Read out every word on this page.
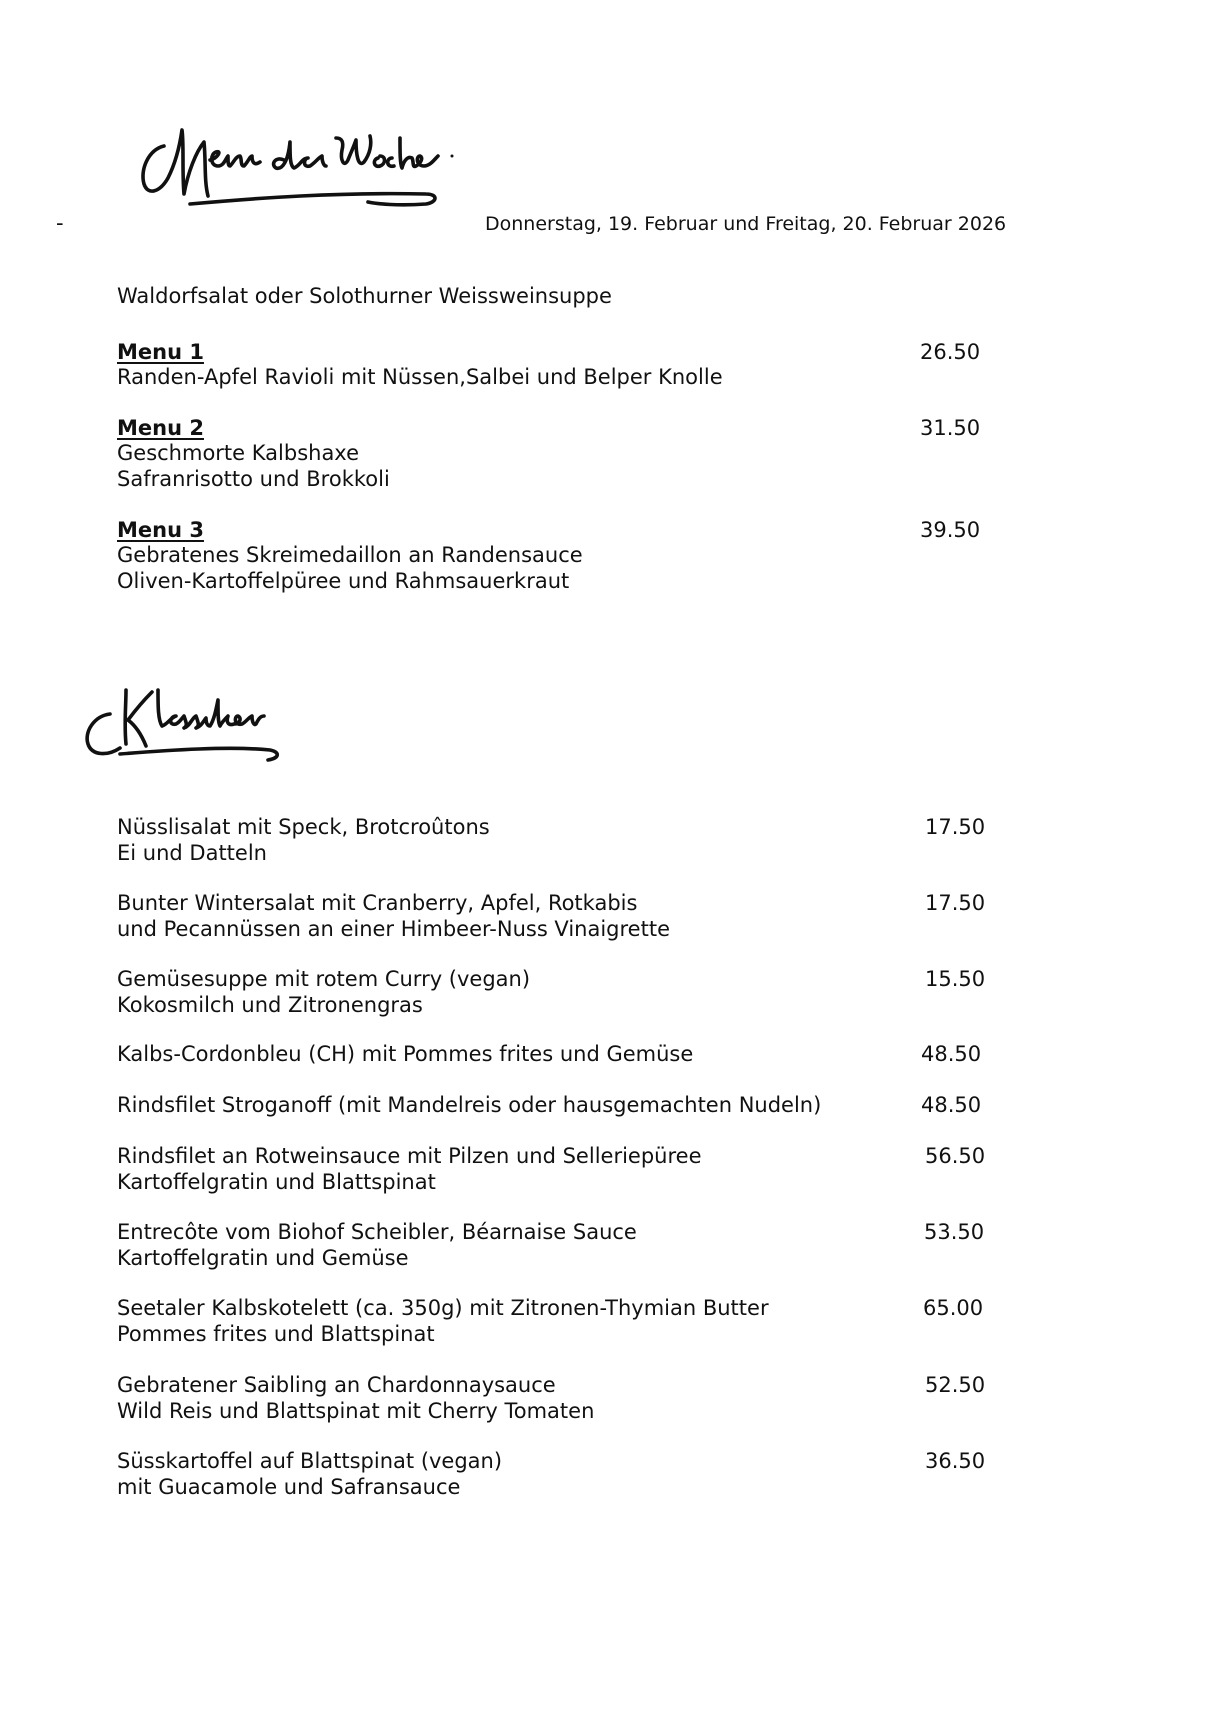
-	Donnerstag, 19. Februar und Freitag, 20. Februar 2026
Waldorfsalat oder Solothurner Weissweinsuppe
Menu 1	26.50
Randen-Apfel Ravioli mit Nüssen,Salbei und Belper Knolle
Menu 2	31.50
Geschmorte Kalbshaxe
Safranrisotto und Brokkoli
Menu 3	39.50
Gebratenes Skreimedaillon an Randensauce
Oliven-Kartoffelpüree und Rahmsauerkraut
Nüsslisalat mit Speck, Brotcroûtons
Ei und Datteln
17.50
Bunter Wintersalat mit Cranberry, Apfel, Rotkabis
und Pecannüssen an einer Himbeer-Nuss Vinaigrette
17.50
Gemüsesuppe mit rotem Curry (vegan)
Kokosmilch und Zitronengras
15.50
Kalbs-Cordonbleu (CH) mit Pommes frites und Gemüse	48.50
Rindsfilet Stroganoff (mit Mandelreis oder hausgemachten Nudeln)	48.50
Rindsfilet an Rotweinsauce mit Pilzen und Selleriepüree
Kartoffelgratin und Blattspinat
56.50
Entrecôte vom Biohof Scheibler, Béarnaise Sauce
Kartoffelgratin und Gemüse
53.50
Seetaler Kalbskotelett (ca. 350g) mit Zitronen-Thymian Butter
Pommes frites und Blattspinat
65.00
Gebratener Saibling an Chardonnaysauce
Wild Reis und Blattspinat mit Cherry Tomaten
52.50
Süsskartoffel auf Blattspinat (vegan)
mit Guacamole und Safransauce
36.50
